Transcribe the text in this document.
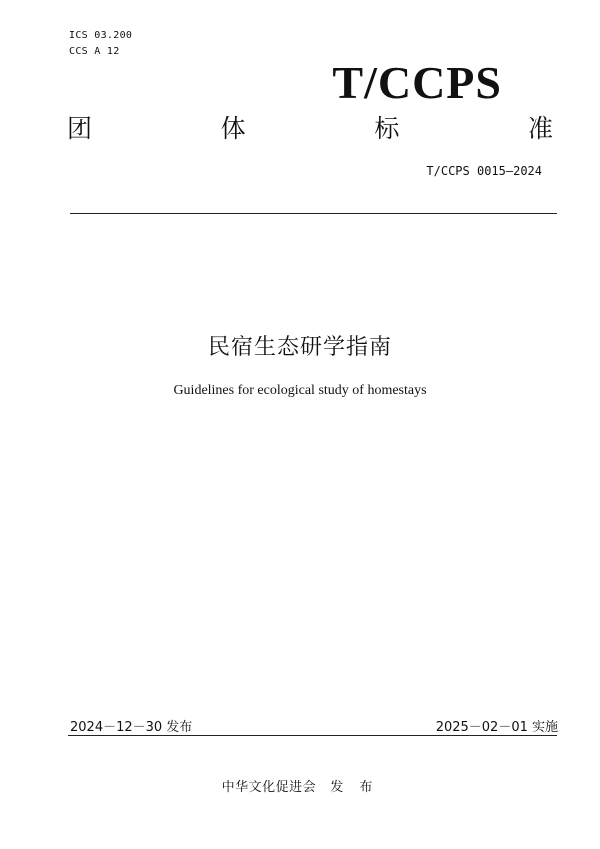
ICS 03.200
CCS A 12
T/CCPS
团	体	标	准
T/CCPS 0015—2024
民宿生态研学指南
Guidelines for ecological study of homestays
2024－12－30 发布	2025－02－01 实施
中华文化促进会 发 布
